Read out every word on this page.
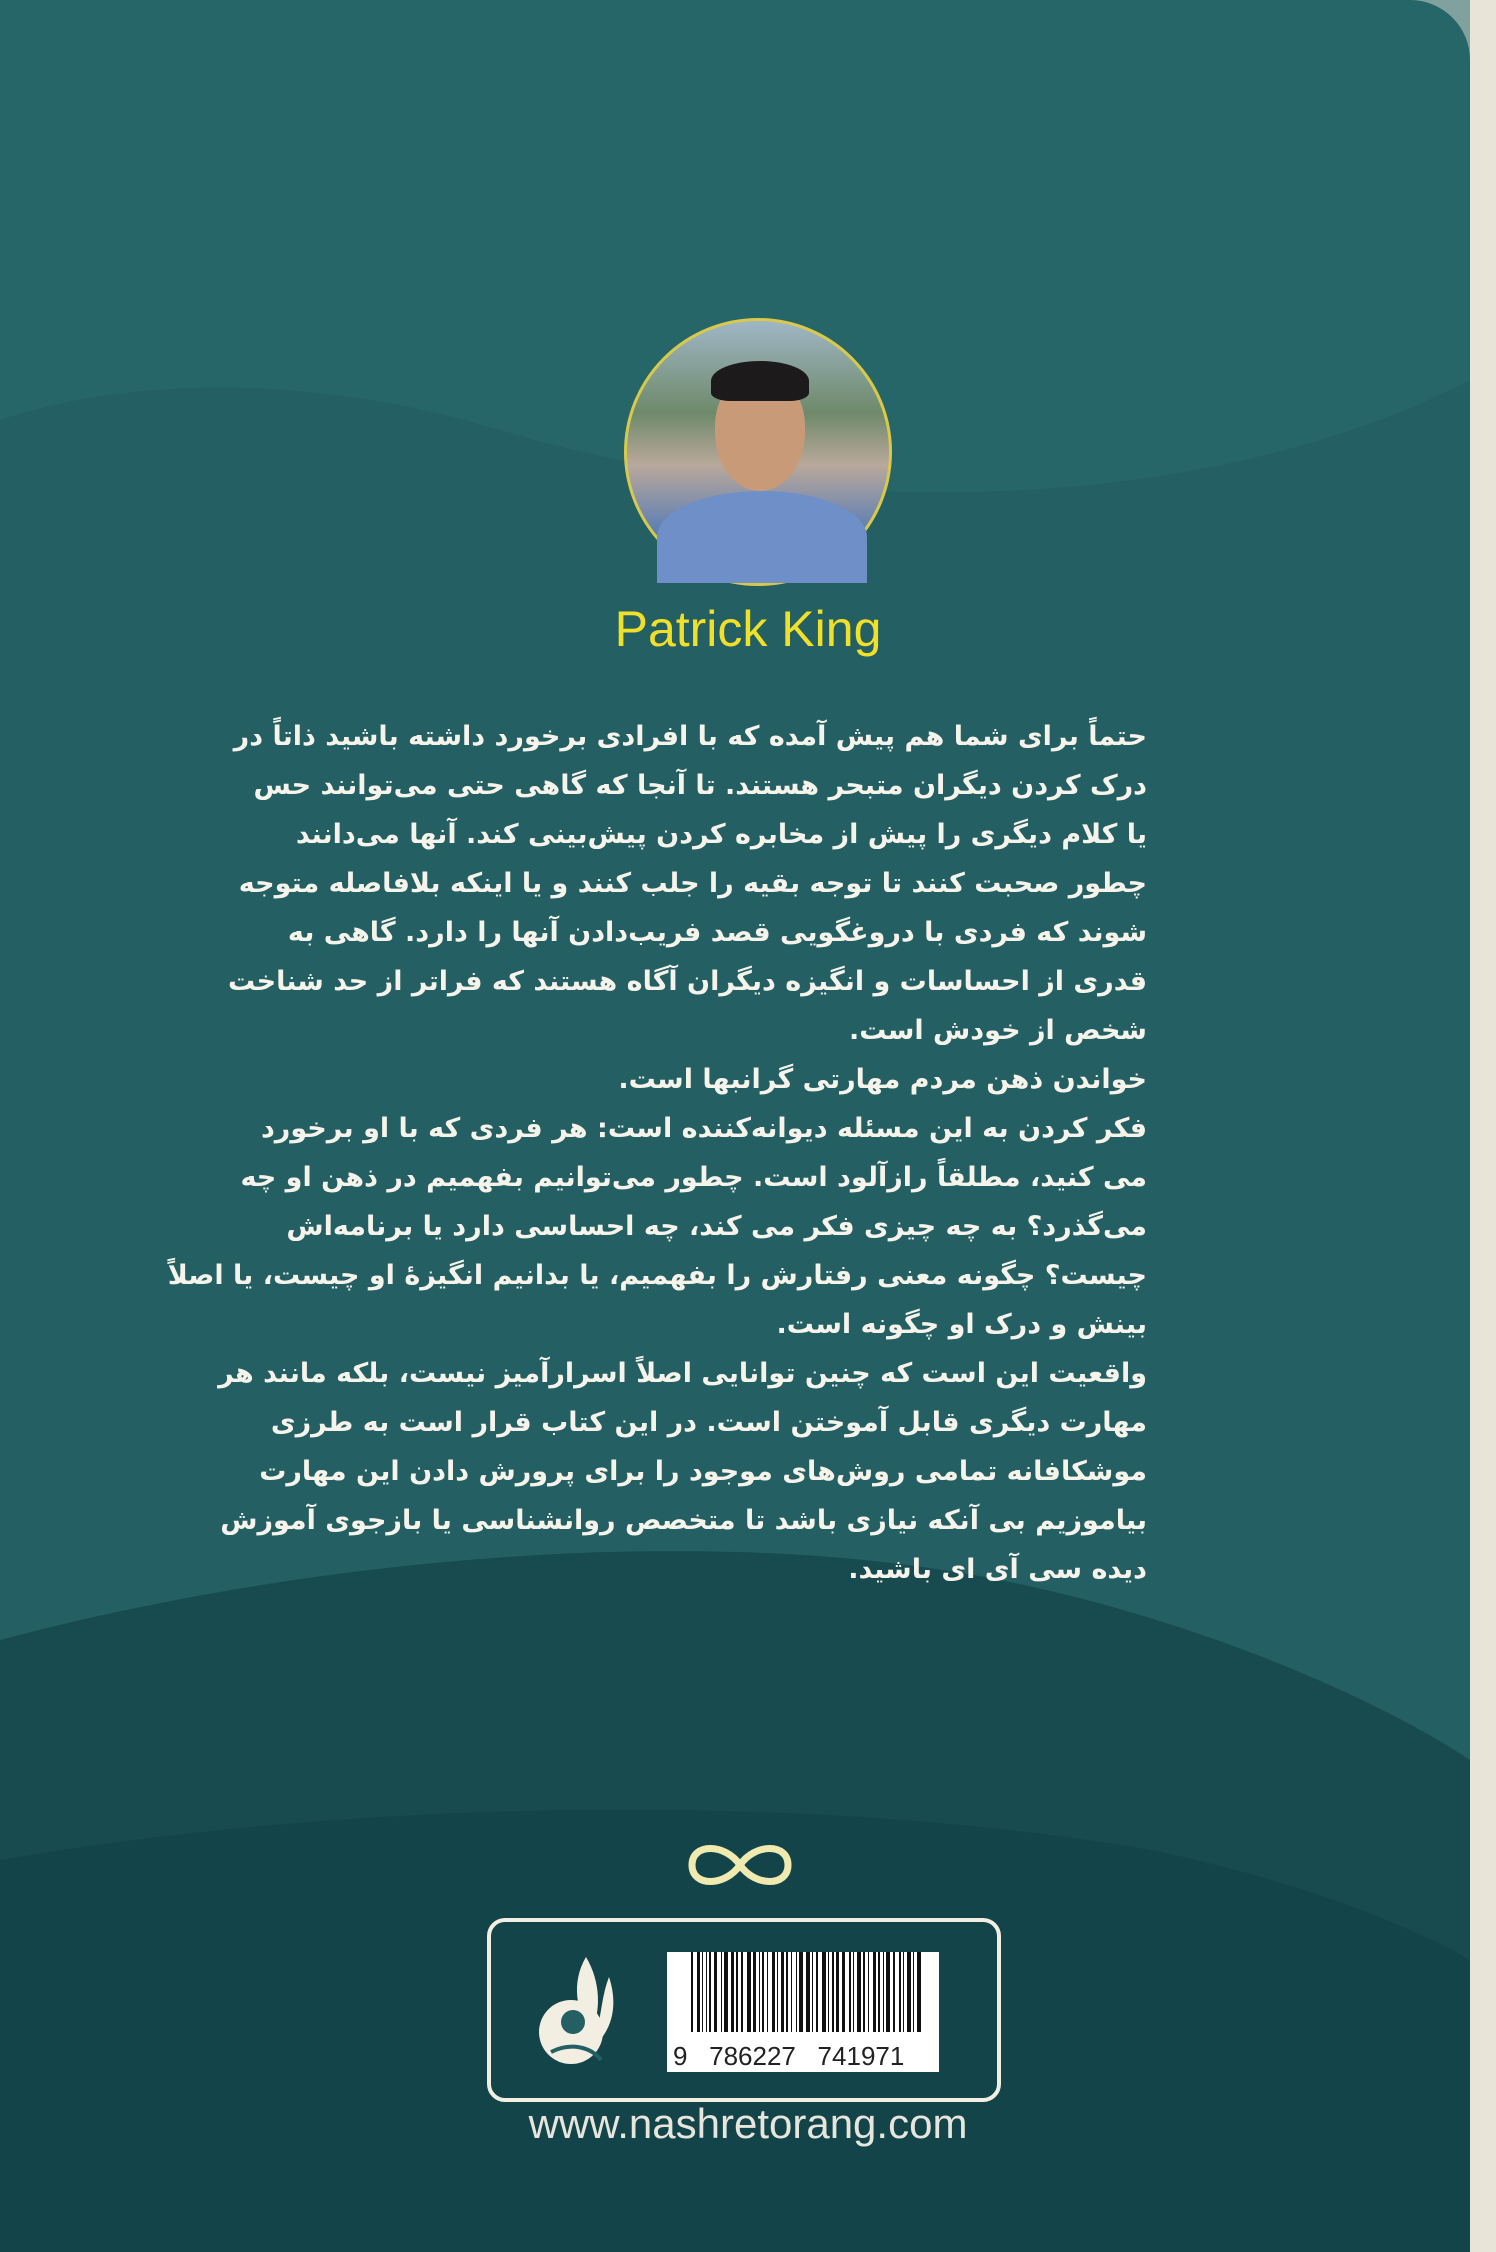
Patrick King
حتماً برای شما هم پیش آمده که با افرادی برخورد داشته باشید ذاتاً در
درک کردن دیگران متبحر هستند. تا آنجا که گاهی حتی می‌توانند حس
یا کلام دیگری را پیش از مخابره کردن پیش‌بینی کند. آنها می‌دانند
چطور صحبت کنند تا توجه بقیه را جلب کنند و یا اینکه بلافاصله متوجه
شوند که فردی با دروغگویی قصد فریب‌دادن آنها را دارد. گاهی به
قدری از احساسات و انگیزه دیگران آگاه هستند که فراتر از حد شناخت
شخص از خودش است.
خواندن ذهن مردم مهارتی گرانبها است.
فکر کردن به این مسئله دیوانه‌کننده است: هر فردی که با او برخورد
می کنید، مطلقاً رازآلود است. چطور می‌توانیم بفهمیم در ذهن او چه
می‌گذرد؟ به چه چیزی فکر می کند، چه احساسی دارد یا برنامه‌اش
چیست؟ چگونه معنی رفتارش را بفهمیم، یا بدانیم انگیزهٔ او چیست، یا اصلاً
بینش و درک او چگونه است.
واقعیت این است که چنین توانایی اصلاً اسرارآمیز نیست، بلکه مانند هر
مهارت دیگری قابل آموختن است. در این کتاب قرار است به طرزی
موشکافانه تمامی روش‌های موجود را برای پرورش دادن این مهارت
بیاموزیم بی آنکه نیازی باشد تا متخصص روانشناسی یا بازجوی آموزش
دیده سی آی ای باشید.
9   786227   741971
www.nashretorang.com
